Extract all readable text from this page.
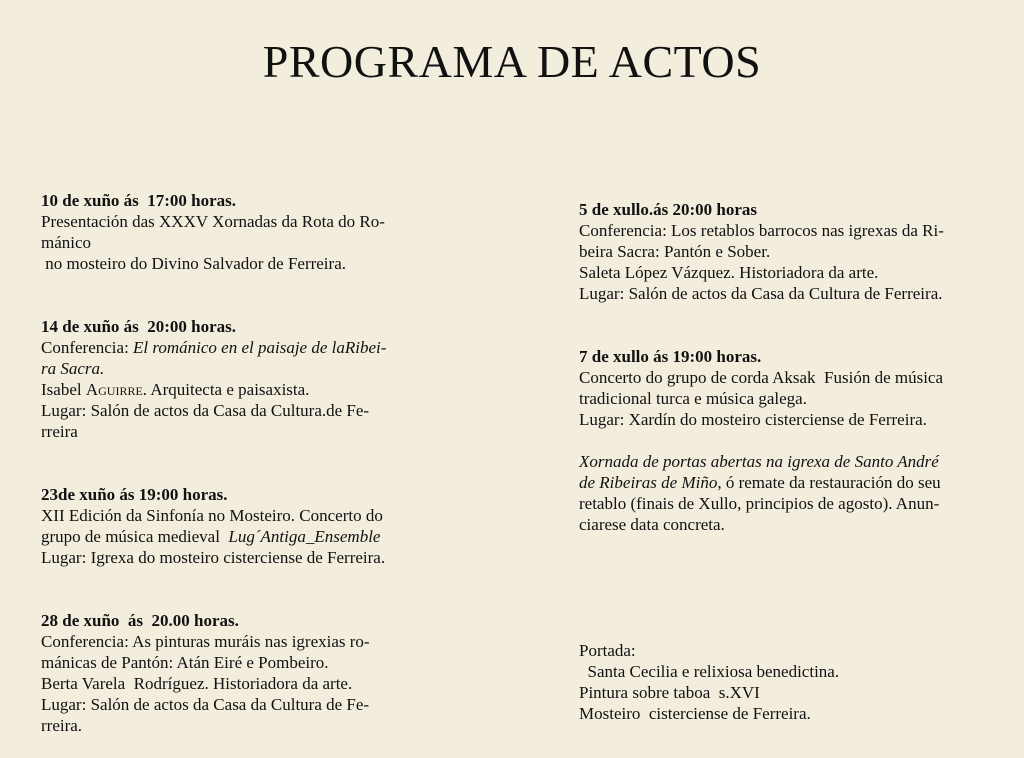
PROGRAMA DE ACTOS
10 de xuño ás  17:00 horas.
Presentación das XXXV Xornadas da Rota do Ro-
mánico
no mosteiro do Divino Salvador de Ferreira.
14 de xuño ás  20:00 horas.
Conferencia: El románico en el paisaje de laRibei-
ra Sacra.
Isabel Aguirre. Arquitecta e paisaxista.
Lugar: Salón de actos da Casa da Cultura.de Fe-
rreira
23de xuño ás 19:00 horas.
XII Edición da Sinfonía no Mosteiro. Concerto do
grupo de música medieval  Lug´Antiga_Ensemble
Lugar: Igrexa do mosteiro cisterciense de Ferreira.
28 de xuño  ás  20.00 horas.
Conferencia: As pinturas muráis nas igrexias ro-
mánicas de Pantón: Atán Eiré e Pombeiro.
Berta Varela  Rodríguez. Historiadora da arte.
Lugar: Salón de actos da Casa da Cultura de Fe-
rreira.
5 de xullo.ás 20:00 horas
Conferencia: Los retablos barrocos nas igrexas da Ri-
beira Sacra: Pantón e Sober.
Saleta López Vázquez. Historiadora da arte.
Lugar: Salón de actos da Casa da Cultura de Ferreira.
7 de xullo ás 19:00 horas.
Concerto do grupo de corda Aksak  Fusión de música
tradicional turca e música galega.
Lugar: Xardín do mosteiro cisterciense de Ferreira.
Xornada de portas abertas na igrexa de Santo André
de Ribeiras de Miño, ó remate da restauración do seu
retablo (finais de Xullo, principios de agosto). Anun-
ciarese data concreta.
Portada:
Santa Cecilia e relixiosa benedictina.
Pintura sobre taboa  s.XVI
Mosteiro  cisterciense de Ferreira.
